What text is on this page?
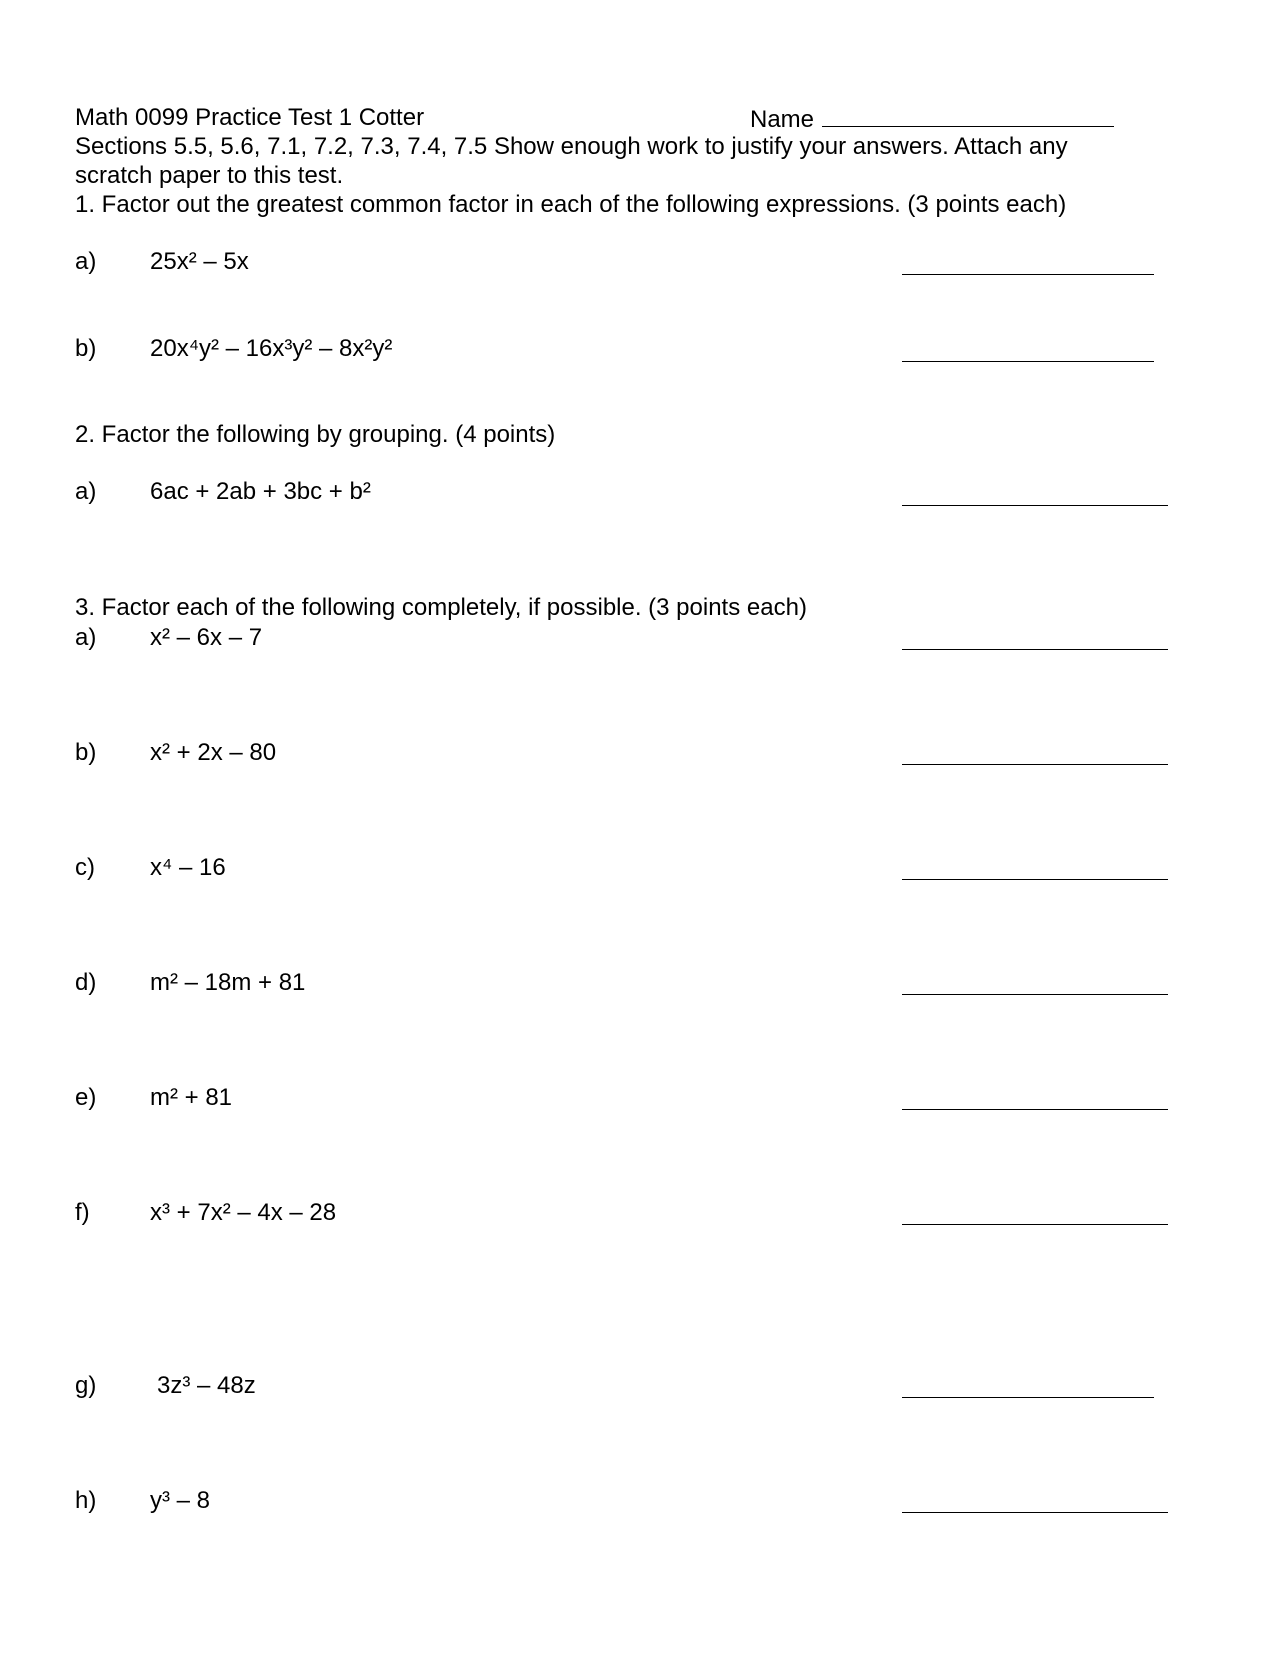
Math 0099 Practice Test 1 Cotter	Name
Sections 5.5, 5.6, 7.1, 7.2, 7.3, 7.4, 7.5 Show enough work to justify your answers. Attach any
scratch paper to this test.
1. Factor out the greatest common factor in each of the following expressions. (3 points each)
a) 25x² – 5x
b) 20x⁴y² – 16x³y² – 8x²y²
2. Factor the following by grouping. (4 points)
a) 6ac + 2ab + 3bc + b²
3. Factor each of the following completely, if possible. (3 points each)
a) x² – 6x – 7
b) x² + 2x – 80
c) x⁴ – 16
d) m² – 18m + 81
e) m² + 81
f)	x³ + 7x² – 4x – 28
g)	3z³ – 48z
h) y³ – 8
